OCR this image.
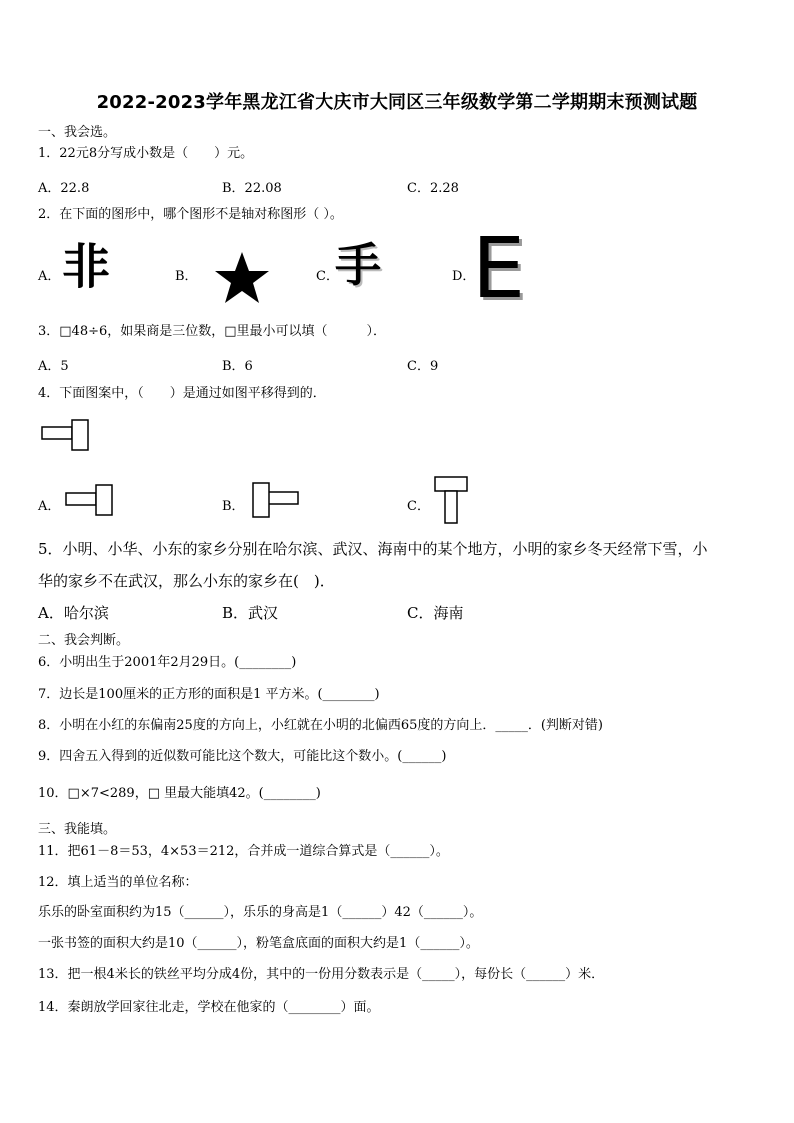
2022-2023学年黑龙江省大庆市大同区三年级数学第二学期期末预测试题
一、我会选。
1．22元8分写成小数是（　　）元。
A．22.8	B．22.08	C．2.28
2．在下面的图形中，哪个图形不是轴对称图形（ ）。
A． 非	B．	C．
手	D．
E
3．□48÷6，如果商是三位数，□里最小可以填（　　　）．
A．5	B．6	C．9
4．下面图案中，（　　）是通过如图平移得到的．
A．	B．	C．
5．小明、小华、小东的家乡分别在哈尔滨、武汉、海南中的某个地方，小明的家乡冬天经常下雪，小
华的家乡不在武汉，那么小东的家乡在(　)．
A．哈尔滨	B．武汉	C．海南
二、我会判断。
6．小明出生于2001年2月29日。(________)
7．边长是100厘米的正方形的面积是1 平方米。(________)
8．小明在小红的东偏南25度的方向上，小红就在小明的北偏西65度的方向上．_____．(判断对错)
9．四舍五入得到的近似数可能比这个数大，可能比这个数小。(______)
10．□×7<289，□ 里最大能填42。(________)
三、我能填。
11．把61－8＝53，4×53＝212，合并成一道综合算式是（______）。
12．填上适当的单位名称：
乐乐的卧室面积约为15（______），乐乐的身高是1（______）42（______）。
一张书签的面积大约是10（______），粉笔盒底面的面积大约是1（______）。
13．把一根4米长的铁丝平均分成4份，其中的一份用分数表示是（_____），每份长（______）米．
14．秦朗放学回家往北走，学校在他家的（________）面。
